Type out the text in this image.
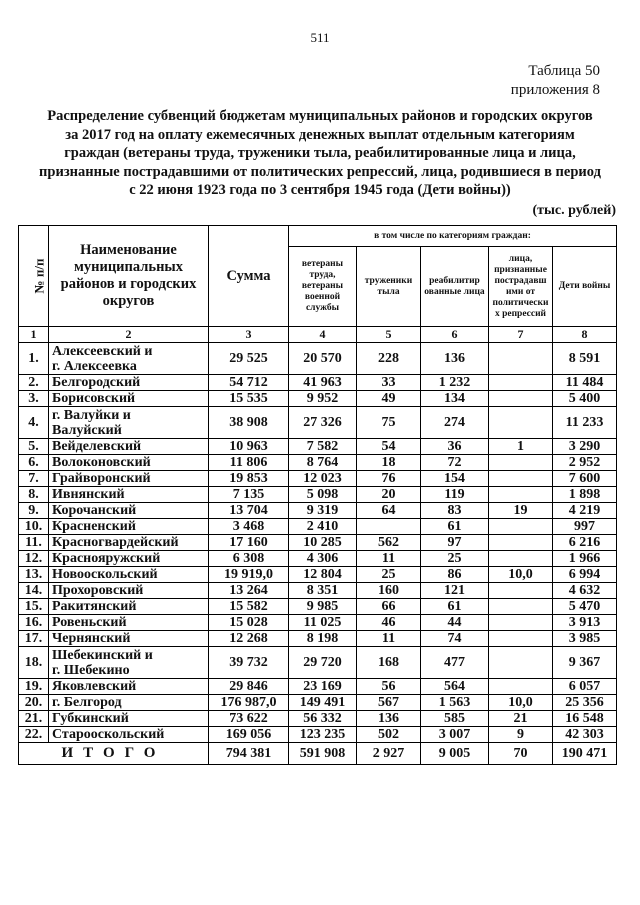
511
Таблица 50
приложения 8
Распределение субвенций бюджетам муниципальных районов и городских округов
за 2017 год на оплату ежемесячных денежных выплат отдельным категориям
граждан (ветераны труда, труженики тыла, реабилитированные лица и лица,
признанные пострадавшими от политических репрессий, лица, родившиеся в период
с 22 июня 1923 года по 3 сентября 1945 года (Дети войны))
(тыс. рублей)
№ п/п	Наименование муниципальных районов и городских округов	Сумма	в том числе по категориям граждан:				
			ветераны труда, ветераны военной службы	труженики тыла	реабилитир ованные лица	лица, признанные пострадавш ими от политически х репрессий	Дети войны
1	2	3	4	5	6	7	8
1.	Алексеевский и
г. Алексеевка	29 525	20 570	228	136		8 591
2.	Белгородский	54 712	41 963	33	1 232		11 484
3.	Борисовский	15 535	9 952	49	134		5 400
4.	г. Валуйки и
Валуйский	38 908	27 326	75	274		11 233
5.	Вейделевский	10 963	7 582	54	36	1	3 290
6.	Волоконовский	11 806	8 764	18	72		2 952
7.	Грайворонский	19 853	12 023	76	154		7 600
8.	Ивнянский	7 135	5 098	20	119		1 898
9.	Корочанский	13 704	9 319	64	83	19	4 219
10.	Красненский	3 468	2 410		61		997
11.	Красногвардейский	17 160	10 285	562	97		6 216
12.	Краснояружский	6 308	4 306	11	25		1 966
13.	Новооскольский	19 919,0	12 804	25	86	10,0	6 994
14.	Прохоровский	13 264	8 351	160	121		4 632
15.	Ракитянский	15 582	9 985	66	61		5 470
16.	Ровеньский	15 028	11 025	46	44		3 913
17.	Чернянский	12 268	8 198	11	74		3 985
18.	Шебекинский и
г. Шебекино	39 732	29 720	168	477		9 367
19.	Яковлевский	29 846	23 169	56	564		6 057
20.	г. Белгород	176 987,0	149 491	567	1 563	10,0	25 356
21.	Губкинский	73 622	56 332	136	585	21	16 548
22.	Старооскольский	169 056	123 235	502	3 007	9	42 303
ИТОГО		794 381	591 908	2 927	9 005	70	190 471
